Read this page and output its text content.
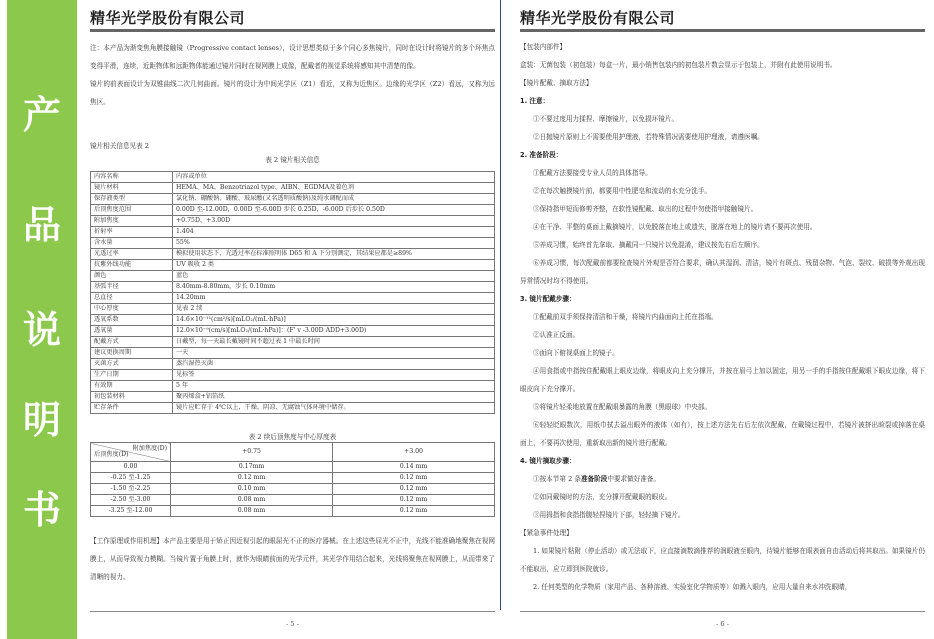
产
品
说
明
书
精华光学股份有限公司
注：本产品为渐变焦角膜接触镜（Progressive contact lenses），设计思想类似于多个同心多焦镜片，同时在设计时将镜片的多个环焦点变得平滑，连续，近距物体和远距物体能通过镜片同时在视网膜上成像，配戴者的视觉系统将感知其中清楚的像。
镜片的前表面设计为双锥曲线二次几何曲面。镜片的设计为中间光学区（Z1）看近，又称为近焦区。边缘的光学区（Z2）看远，又称为远焦区。
镜片相关信息见表 2
表 2 镜片相关信息
内容名称	内容或单位
镜片材料	HEMA、MA、Benzotriazol type、AIBN、EGDMA及着色剂
保存液类型	氯化钠、硼酸钠、硼酸、玻尿酸(又名透明质酸钠)及纯水调配而成
后顶焦度范围	0.00D 至-12.00D，0.00D 至-6.00D 步长 0.25D，-6.00D 后步长 0.50D
附加焦度	+0.75D、+3.00D
折射率	1.404
含水量	55%
光透过率	模拟使用状态下，光透过率在标准照明体 D65 和 A 下分别测定，其结果应都是≥89%
抗紫外线功能	UV 吸收 2 类
颜色	蓝色
基弧半径	8.40mm-8.80mm，步长 0.10mm
总直径	14.20mm
中心厚度	见表 2 续
透氧系数	14.6×10⁻¹¹(cm²/s)[mLO₂/(mL·hPa)]
透氧量	12.0×10⁻⁹(cm/s)[mLO₂/(mL·hPa)]：(F' v -3.00D ADD+3.00D)
配戴方式	日戴型，每一天最长戴镜时间不超过表 1 中最长时间
建议更换周期	一天
灭菌方式	蒸汽湿热灭菌
生产日期	见标签
有效期	5 年
初包装材料	聚丙烯盒+铝箔纸
贮存条件	镜片应贮存于 4℃以上，干燥、阴凉、无腐蚀气体环境中储存。
表 2 续后顶焦度与中心厚度表
附加焦度(D)
后顶焦度(D)	+0.75	+3.00
0.00	0.17mm	0.14 mm
-0.25 至-1.25	0.12 mm	0.12 mm
-1.50 至-2.25	0.10 mm	0.12 mm
-2.50 至-3.00	0.08 mm	0.12 mm
-3.25 至-12.00	0.08 mm	0.12 mm
【工作原理或作用机理】本产品主要是用于矫正因近视引起的眼屈光不正的医疗器械。在上述这些屈光不正中，光线不能准确地聚焦在视网膜上，从而导致视力模糊。当镜片置于角膜上时，就作为眼睛前面的光学元件，其光学作用结合起来，光线将聚焦在视网膜上，从而带来了清晰的视力。
- 5 -
精华光学股份有限公司
【包装内部件】
盒装：无菌包装（初包装）每盒一片，最小销售包装内的初包装片数会显示于包装上，并附有此使用说明书。
【镜片配戴、摘取方法】
1. 注意：
①不要过度用力揉捏、摩擦镜片，以免损坏镜片。
②日抛镜片原则上不需要使用护理液，若特殊情况需要使用护理液，请遵医嘱。
2. 准备阶段：
①配戴方法要接受专业人员的具体指导。
②在每次触摸镜片前，都要用中性肥皂和流动的水充分洗手。
③保持指甲短而修剪齐整，在软性镜配戴、取出的过程中勿使指甲接触镜片。
④在干净、平整的桌面上戴摘镜片，以免脱落在地上或遗失，脱落在地上的镜片请不要再次使用。
⑤养成习惯，始终首先拿取、摘戴同一只镜片以免混淆，建议按先右后左顺序。
⑥养成习惯，每次配戴前都要检查镜片外观是否符合要求，确认其湿润、清洁，镜片有斑点、残留杂物、气泡、裂纹、破损等外观出现异常情况时均不得使用。
3. 镜片配戴步骤：
①配戴前双手须保持清洁和干燥，将镜片内曲面向上托在指端。
②认准正反面。
③面向下俯视桌面上的镜子。
④用食指或中指按住配戴眼上眼皮边缘，将眼皮向上充分撑开，并按在眉弓上加以固定，用另一手的手指按住配戴眼下眼皮边缘，将下眼皮向下充分撑开。
⑤将镜片轻柔地放置在配戴眼暴露的角膜（黑眼球）中央部。
⑥轻轻眨眼数次，用纸巾拭去溢出眼外的液体（如有），按上述方法先右后左依次配戴，在戴镜过程中，若镜片被挤出睑裂或掉落在桌面上，不要再次使用，重新取出新的镜片进行配戴。
4. 镜片摘取步骤：
①按本节第 2 条准备阶段中要求做好准备。
②如同戴镜时的方法，充分撑开配戴眼的眼皮。
③用拇指和食指指腹轻捏镜片下部，轻轻摘下镜片。
【紧急事件处理】
1. 如果镜片粘附（停止活动）或无法取下，应直接滴数滴推荐的润眼液至眼内，待镜片能够在眼表面自由活动后将其取出。如果镜片仍不能取出，应立即到医院就诊。
2. 任何类型的化学物质（家用产品、各种溶液、实验室化学物质等）如溅入眼内，应用大量自来水冲洗眼睛，
- 6 -
